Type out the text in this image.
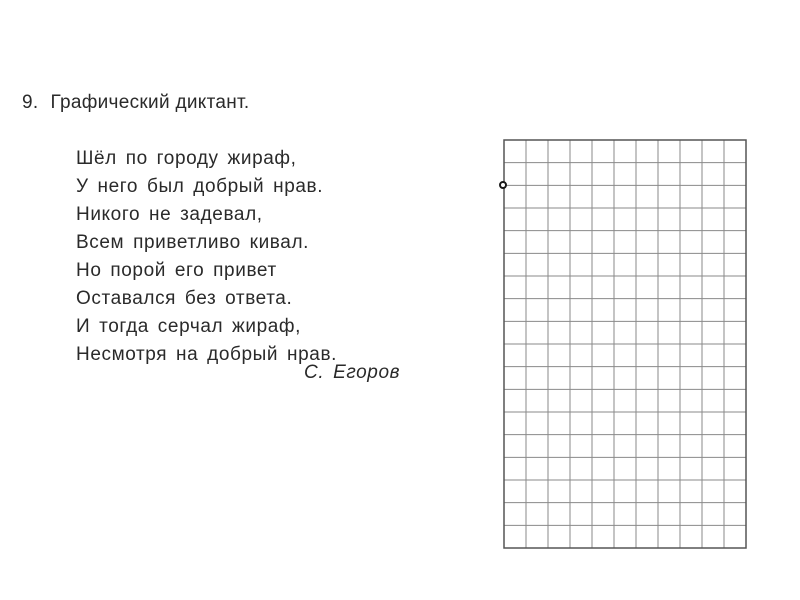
9. Графический диктант.
Шёл по городу жираф,
У него был добрый нрав.
Никого не задевал,
Всем приветливо кивал.
Но порой его привет
Оставался без ответа.
И тогда серчал жираф,
Несмотря на добрый нрав.
С. Егоров
